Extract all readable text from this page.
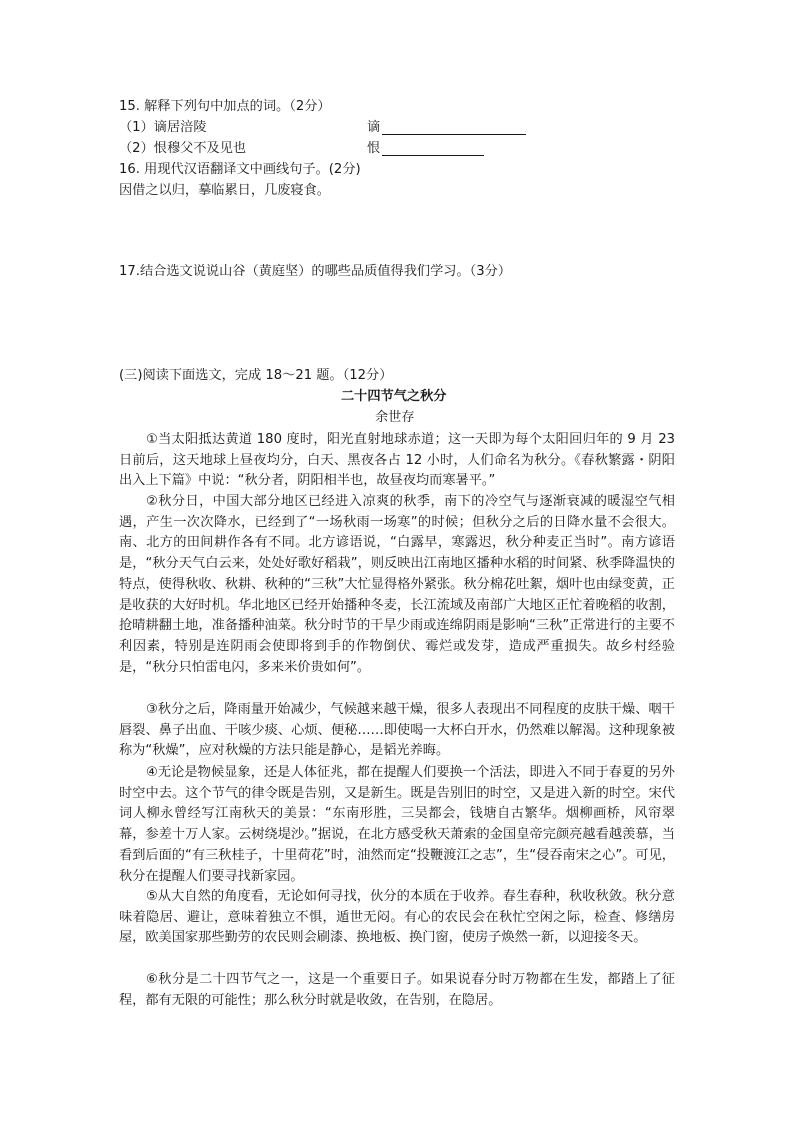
15. 解释下列句中加点的词。（2分）
（1）谪居涪陵	谪
（2）恨穆父不及见也	恨
16. 用现代汉语翻译文中画线句子。(2分)
因借之以归，摹临累日，几废寝食。
17.结合选文说说山谷（黄庭坚）的哪些品质值得我们学习。（3分）
(三)阅读下面选文，完成 18～21 题。（12分）
二十四节气之秋分
余世存

①当太阳抵达黄道 180 度时，阳光直射地球赤道；这一天即为每个太阳回归年的 9 月 23 日前后，这天地球上昼夜均分，白天、黑夜各占 12 小时，人们命名为秋分。《春秋繁露・阴阳出入上下篇》中说：“秋分者，阴阳相半也，故昼夜均而寒暑平。”

②秋分日，中国大部分地区已经进入凉爽的秋季，南下的冷空气与逐渐衰减的暖湿空气相遇，产生一次次降水，已经到了“一场秋雨一场寒”的时候；但秋分之后的日降水量不会很大。南、北方的田间耕作各有不同。北方谚语说，“白露早，寒露迟，秋分种麦正当时”。南方谚语是，“秋分天气白云来，处处好歌好稻栽”，则反映出江南地区播种水稻的时间紧、秋季降温快的特点，使得秋收、秋耕、秋种的“三秋”大忙显得格外紧张。秋分棉花吐絮，烟叶也由绿变黄，正是收获的大好时机。华北地区已经开始播种冬麦，长江流域及南部广大地区正忙着晚稻的收割，抢晴耕翻土地，准备播种油菜。秋分时节的干旱少雨或连绵阴雨是影响“三秋”正常进行的主要不利因素，特别是连阴雨会使即将到手的作物倒伏、霉烂或发芽，造成严重损失。故乡村经验是，“秋分只怕雷电闪，多来米价贵如何”。

③秋分之后，降雨量开始减少，气候越来越干燥，很多人表现出不同程度的皮肤干燥、咽干唇裂、鼻子出血、干咳少痰、心烦、便秘……即使喝一大杯白开水，仍然难以解渴。这种现象被称为“秋燥”，应对秋燥的方法只能是静心，是韬光养晦。

④无论是物候显象，还是人体征兆，都在提醒人们要换一个活法，即进入不同于春夏的另外时空中去。这个节气的律令既是告别，又是新生。既是告别旧的时空，又是进入新的时空。宋代词人柳永曾经写江南秋天的美景：“东南形胜，三吴都会，钱塘自古繁华。烟柳画桥，风帘翠幕，参差十万人家。云树绕堤沙。”据说，在北方感受秋天萧索的金国皇帝完颜亮越看越羡慕，当看到后面的“有三秋桂子，十里荷花”时，油然而定“投鞭渡江之志”，生“侵吞南宋之心”。可见，秋分在提醒人们要寻找新家园。

⑤从大自然的角度看，无论如何寻找，伙分的本质在于收养。春生春种，秋收秋敛。秋分意味着隐居、避让，意味着独立不惧，遁世无闷。有心的农民会在秋忙空闲之际，检查、修缮房屋，欧美国家那些勤劳的农民则会刷漆、换地板、换门窗，使房子焕然一新，以迎接冬天。

⑥秋分是二十四节气之一，这是一个重要日子。如果说春分时万物都在生发，都踏上了征程，都有无限的可能性；那么秋分时就是收敛，在告别，在隐居。
